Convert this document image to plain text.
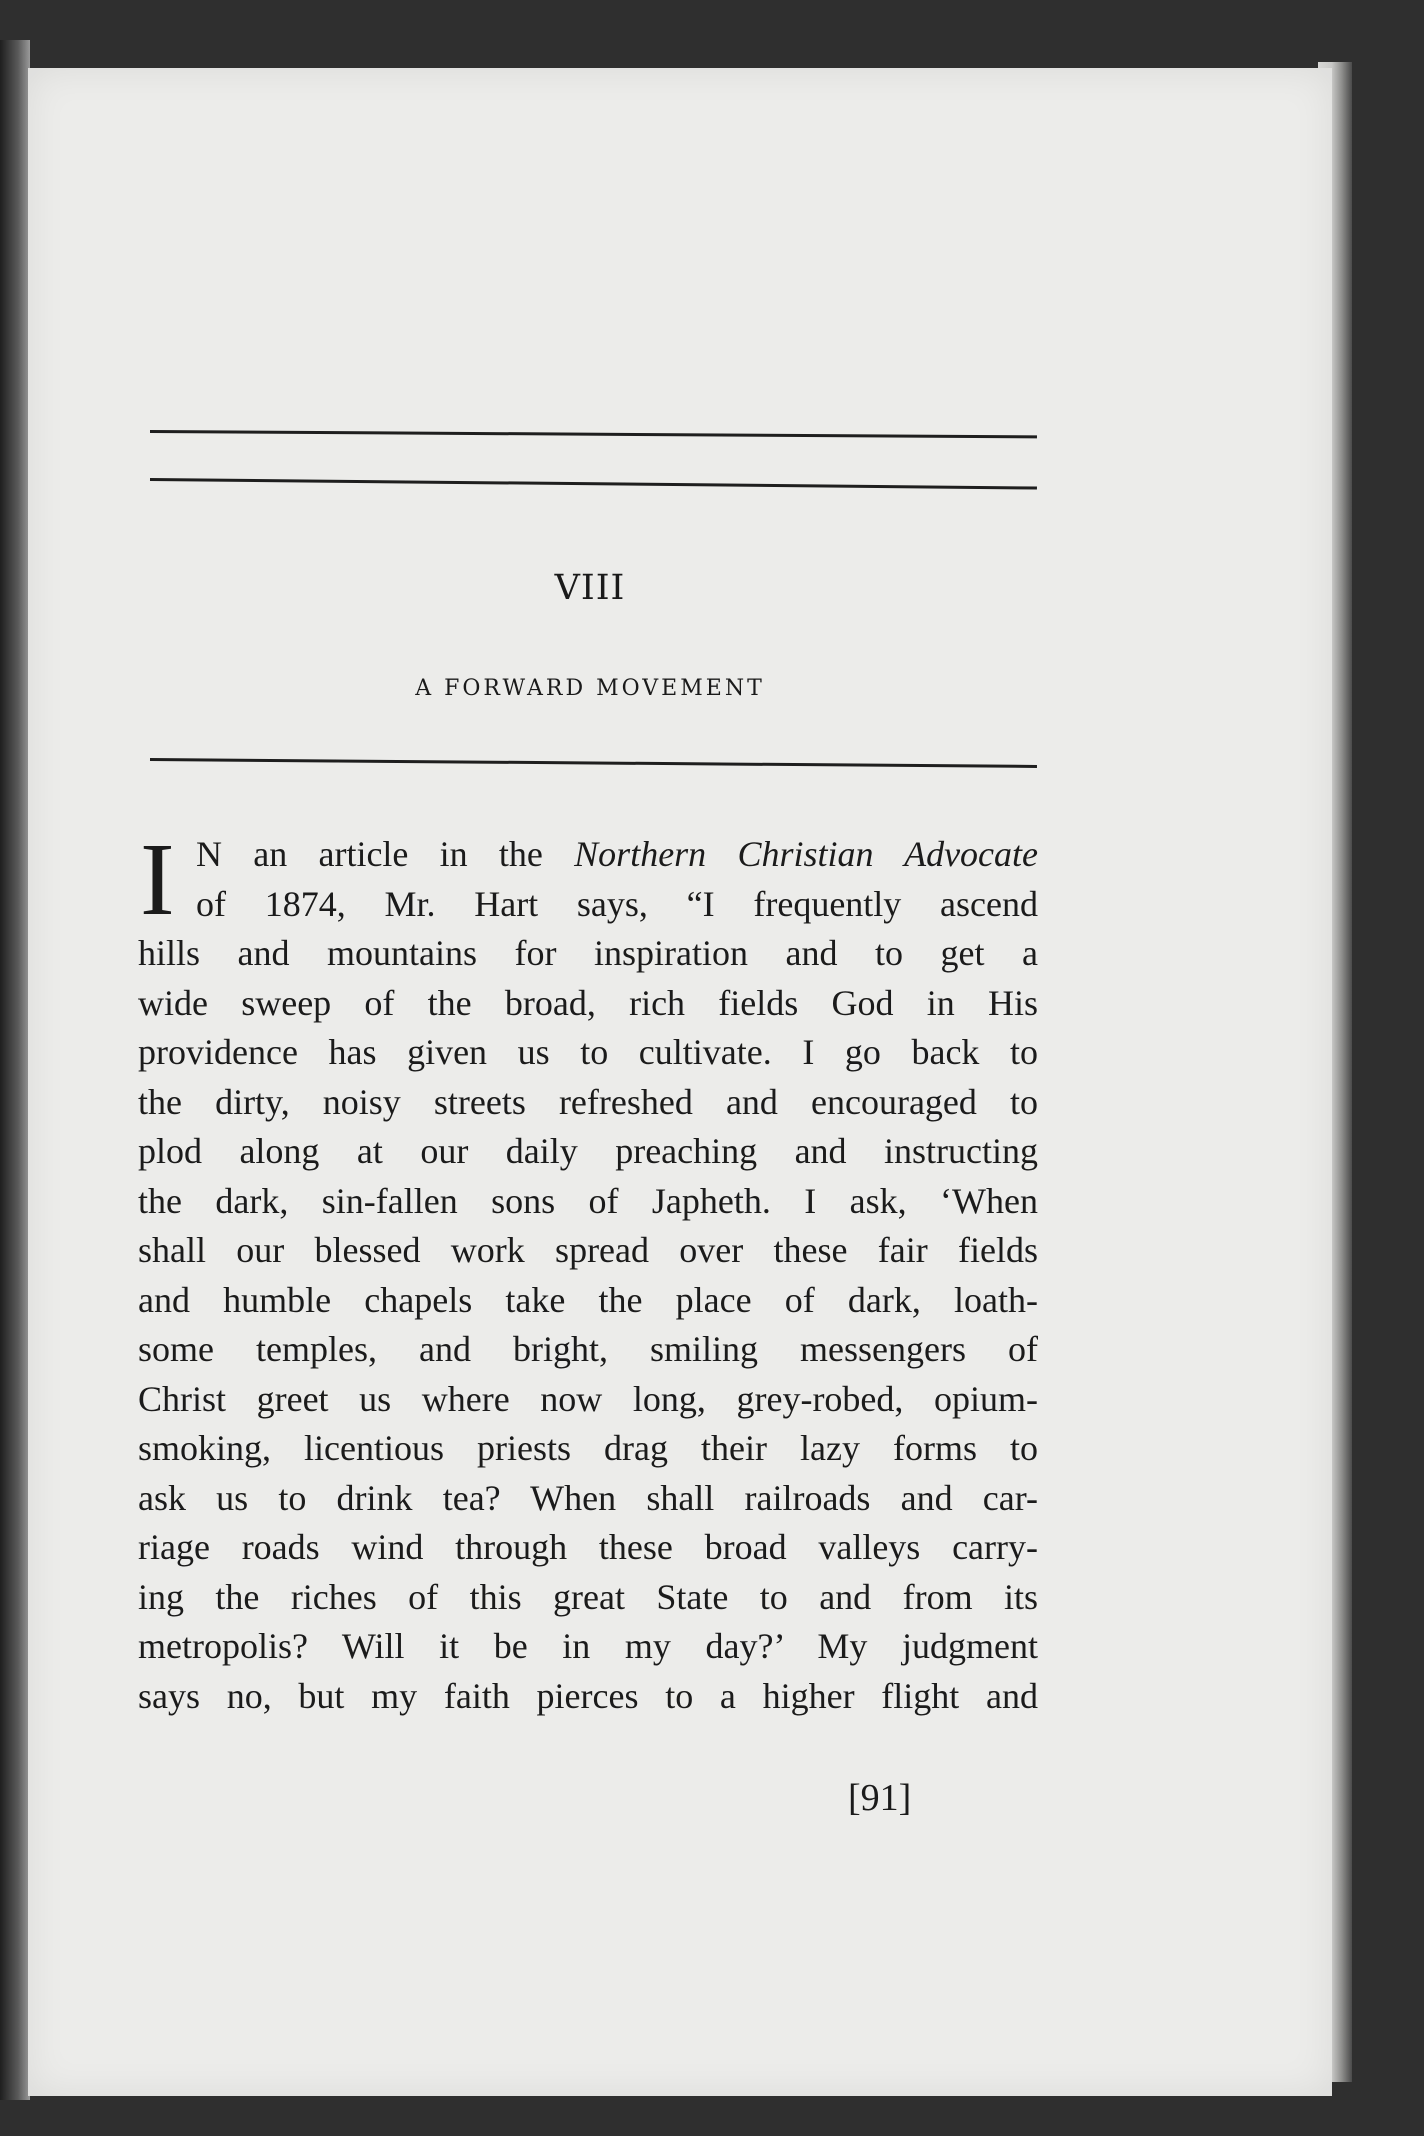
VIII
A FORWARD MOVEMENT
I N an article in the Northern Christian Advocate
of 1874, Mr. Hart says, “I frequently ascend
hills and mountains for inspiration and to get a
wide sweep of the broad, rich fields God in His
providence has given us to cultivate. I go back to
the dirty, noisy streets refreshed and encouraged to
plod along at our daily preaching and instructing
the dark, sin-fallen sons of Japheth. I ask, ‘When
shall our blessed work spread over these fair fields
and humble chapels take the place of dark, loath-
some temples, and bright, smiling messengers of
Christ greet us where now long, grey-robed, opium-
smoking, licentious priests drag their lazy forms to
ask us to drink tea? When shall railroads and car-
riage roads wind through these broad valleys carry-
ing the riches of this great State to and from its
metropolis? Will it be in my day?’ My judgment
says no, but my faith pierces to a higher flight and
[91]
